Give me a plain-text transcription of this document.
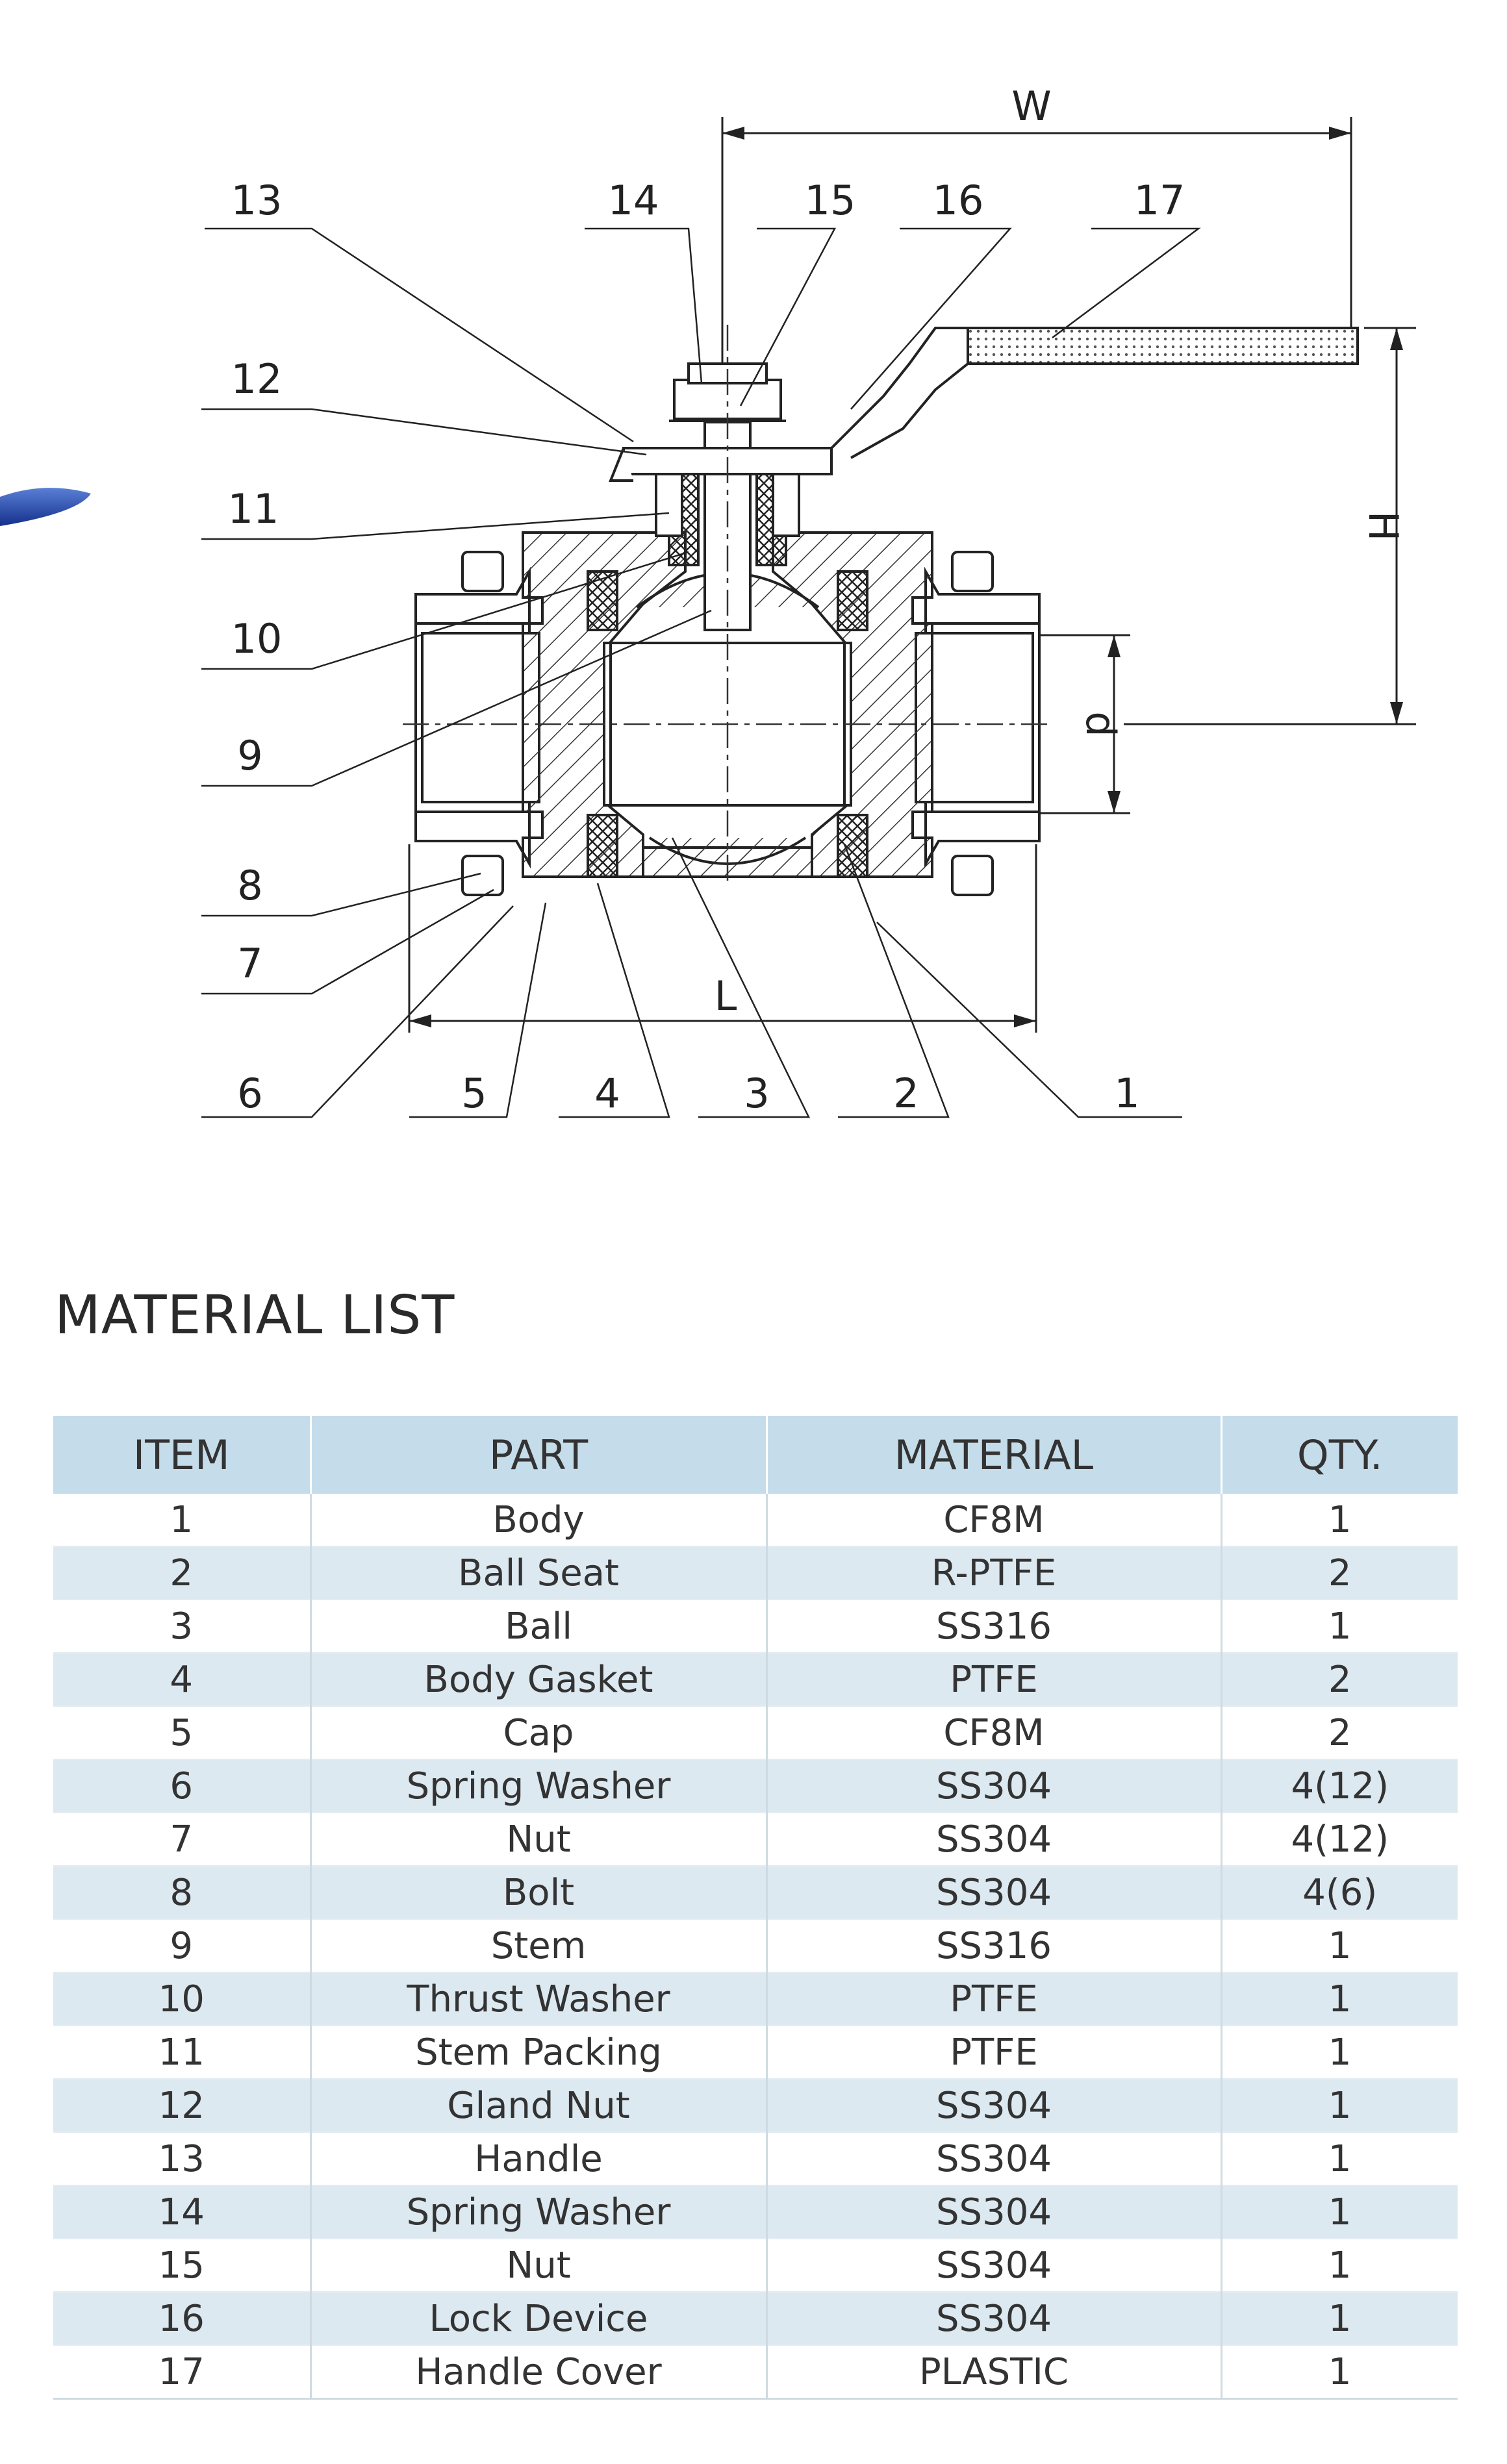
W
H
d
L
13	14	15 16	17
12
11
10
9
8
7
6	5	4	3	2	1
MATERIAL LIST
ITEM	PART	MATERIAL	QTY.
1	Body	CF8M	1
2	Ball Seat	R-PTFE	2
3	Ball	SS316	1
4	Body Gasket	PTFE	2
5	Cap	CF8M	2
6	Spring Washer	SS304	4(12)
7	Nut	SS304	4(12)
8	Bolt	SS304	4(6)
9	Stem	SS316	1
10	Thrust Washer	PTFE	1
11	Stem Packing	PTFE	1
12	Gland Nut	SS304	1
13	Handle	SS304	1
14	Spring Washer	SS304	1
15	Nut	SS304	1
16	Lock Device	SS304	1
17	Handle Cover	PLASTIC	1
